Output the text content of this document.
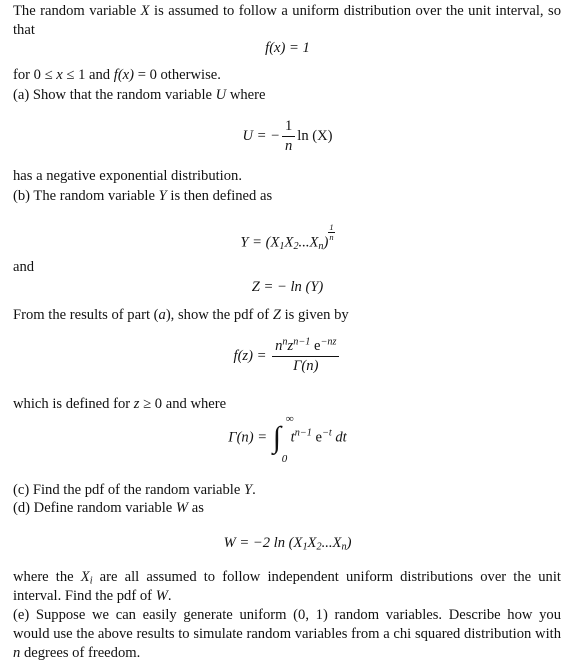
The random variable X is assumed to follow a uniform distribution over the unit interval, so that

f(x) = 1

for 0 ≤ x ≤ 1 and f(x) = 0 otherwise.

(a) Show that the random variable U where

U = − $\frac{1}{n}$ ln (X)

has a negative exponential distribution.

(b) The random variable Y is then defined as

$Y = (X_1X_2...X_n)$
$\frac{1}{n}$

and

Z = − ln (Y)

From the results of part (a), show the pdf of Z is given by

$f(z) = \frac{n^nz^{n-1} e^{-nz}}{\Gamma(n)}$

which is defined for z ≥ 0 and where

Γ(n) = ∫
∞
0
$t^{n-1}$ $e^{-t}$ dt

(c) Find the pdf of the random variable Y.

(d) Define random variable W as

W = −2 $\ln (X_1X_2...X_n)$

where the $X_i$ are all assumed to follow independent uniform distributions over the unit interval. Find the pdf of W.

(e) Suppose we can easily generate uniform (0, 1) random variables. Describe how you would use the above results to simulate random variables from a chi squared distribution with n degrees of freedom.
